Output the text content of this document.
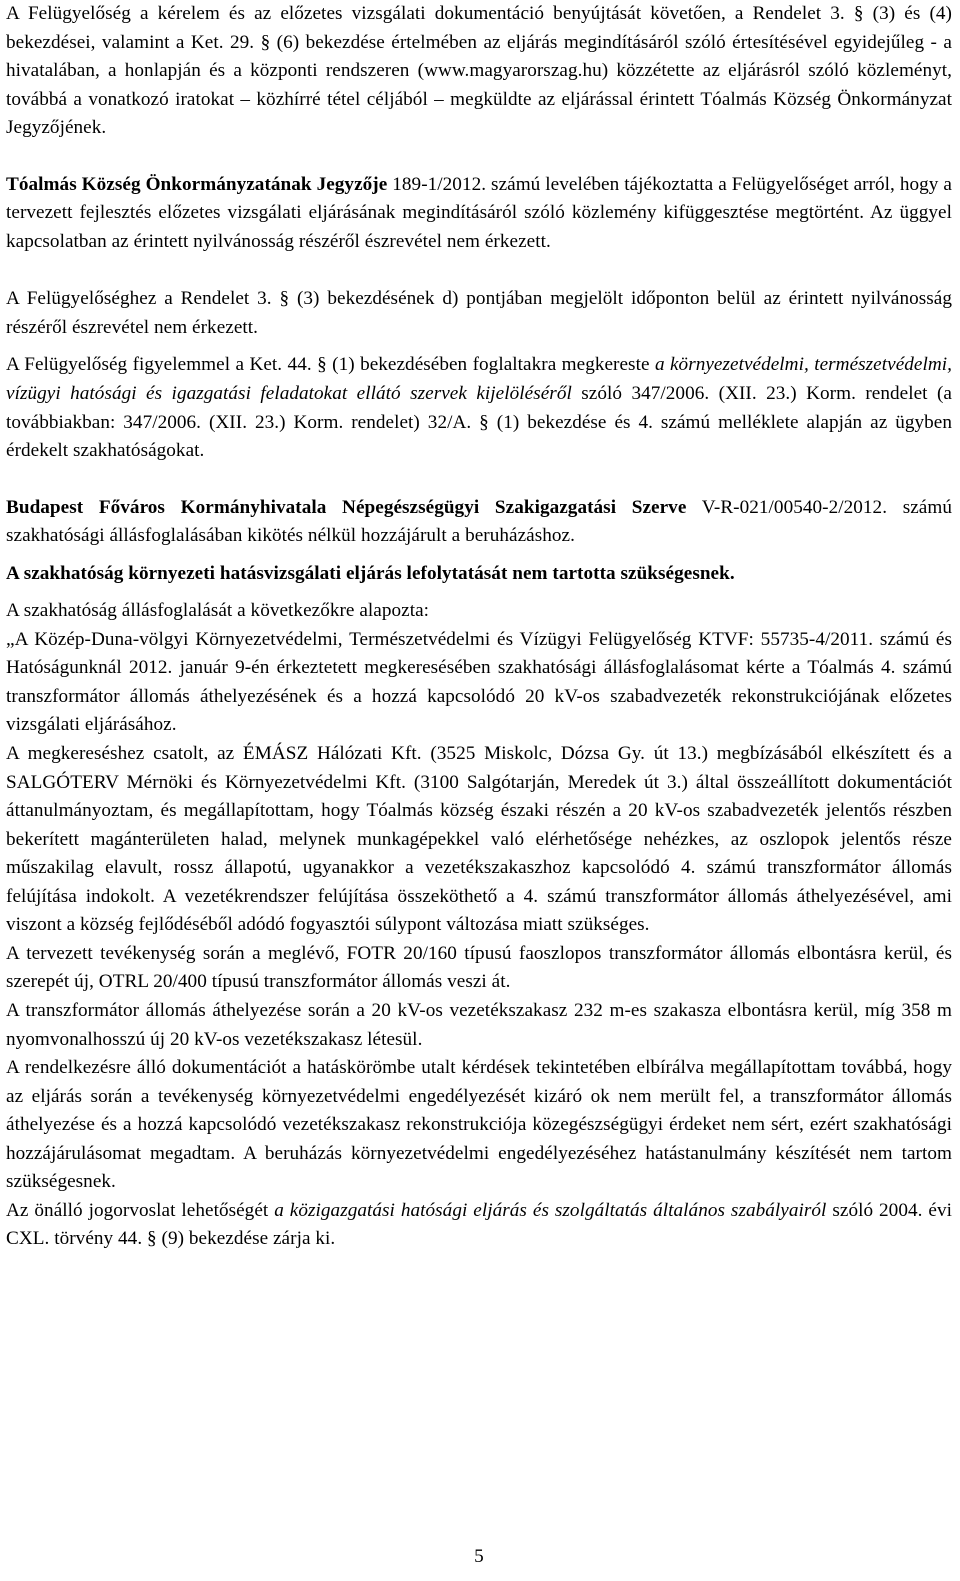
A Felügyelőség a kérelem és az előzetes vizsgálati dokumentáció benyújtását követően, a Rendelet 3. § (3) és (4) bekezdései, valamint a Ket. 29. § (6) bekezdése értelmében az eljárás megindításáról szóló értesítésével egyidejűleg - a hivatalában, a honlapján és a központi rendszeren (www.magyarorszag.hu) közzétette az eljárásról szóló közleményt, továbbá a vonatkozó iratokat – közhírré tétel céljából – megküldte az eljárással érintett Tóalmás Község Önkormányzat Jegyzőjének.

Tóalmás Község Önkormányzatának Jegyzője 189-1/2012. számú levelében tájékoztatta a Felügyelőséget arról, hogy a tervezett fejlesztés előzetes vizsgálati eljárásának megindításáról szóló közlemény kifüggesztése megtörtént. Az üggyel kapcsolatban az érintett nyilvánosság részéről észrevétel nem érkezett.

A Felügyelőséghez a Rendelet 3. § (3) bekezdésének d) pontjában megjelölt időponton belül az érintett nyilvánosság részéről észrevétel nem érkezett.

A Felügyelőség figyelemmel a Ket. 44. § (1) bekezdésében foglaltakra megkereste a környezetvédelmi, természetvédelmi, vízügyi hatósági és igazgatási feladatokat ellátó szervek kijelöléséről szóló 347/2006. (XII. 23.) Korm. rendelet (a továbbiakban: 347/2006. (XII. 23.) Korm. rendelet) 32/A. § (1) bekezdése és 4. számú melléklete alapján az ügyben érdekelt szakhatóságokat.

Budapest Főváros Kormányhivatala Népegészségügyi Szakigazgatási Szerve V-R-021/00540-2/2012. számú szakhatósági állásfoglalásában kikötés nélkül hozzájárult a beruházáshoz.

A szakhatóság környezeti hatásvizsgálati eljárás lefolytatását nem tartotta szükségesnek.

A szakhatóság állásfoglalását a következőkre alapozta:

„A Közép-Duna-völgyi Környezetvédelmi, Természetvédelmi és Vízügyi Felügyelőség KTVF: 55735-4/2011. számú és Hatóságunknál 2012. január 9-én érkeztetett megkeresésében szakhatósági állásfoglalásomat kérte a Tóalmás 4. számú transzformátor állomás áthelyezésének és a hozzá kapcsolódó 20 kV-os szabadvezeték rekonstrukciójának előzetes vizsgálati eljárásához.

A megkereséshez csatolt, az ÉMÁSZ Hálózati Kft. (3525 Miskolc, Dózsa Gy. út 13.) megbízásából elkészített és a SALGÓTERV Mérnöki és Környezetvédelmi Kft. (3100 Salgótarján, Meredek út 3.) által összeállított dokumentációt áttanulmányoztam, és megállapítottam, hogy Tóalmás község északi részén a 20 kV-os szabadvezeték jelentős részben bekerített magánterületen halad, melynek munkagépekkel való elérhetősége nehézkes, az oszlopok jelentős része műszakilag elavult, rossz állapotú, ugyanakkor a vezetékszakaszhoz kapcsolódó 4. számú transzformátor állomás felújítása indokolt. A vezetékrendszer felújítása összeköthető a 4. számú transzformátor állomás áthelyezésével, ami viszont a község fejlődéséből adódó fogyasztói súlypont változása miatt szükséges.

A tervezett tevékenység során a meglévő, FOTR 20/160 típusú faoszlopos transzformátor állomás elbontásra kerül, és szerepét új, OTRL 20/400 típusú transzformátor állomás veszi át.

A transzformátor állomás áthelyezése során a 20 kV-os vezetékszakasz 232 m-es szakasza elbontásra kerül, míg 358 m nyomvonalhosszú új 20 kV-os vezetékszakasz létesül.

A rendelkezésre álló dokumentációt a hatáskörömbe utalt kérdések tekintetében elbírálva megállapítottam továbbá, hogy az eljárás során a tevékenység környezetvédelmi engedélyezését kizáró ok nem merült fel, a transzformátor állomás áthelyezése és a hozzá kapcsolódó vezetékszakasz rekonstrukciója közegészségügyi érdeket nem sért, ezért szakhatósági hozzájárulásomat megadtam. A beruházás környezetvédelmi engedélyezéséhez hatástanulmány készítését nem tartom szükségesnek.

Az önálló jogorvoslat lehetőségét a közigazgatási hatósági eljárás és szolgáltatás általános szabályairól szóló 2004. évi CXL. törvény 44. § (9) bekezdése zárja ki.

5
